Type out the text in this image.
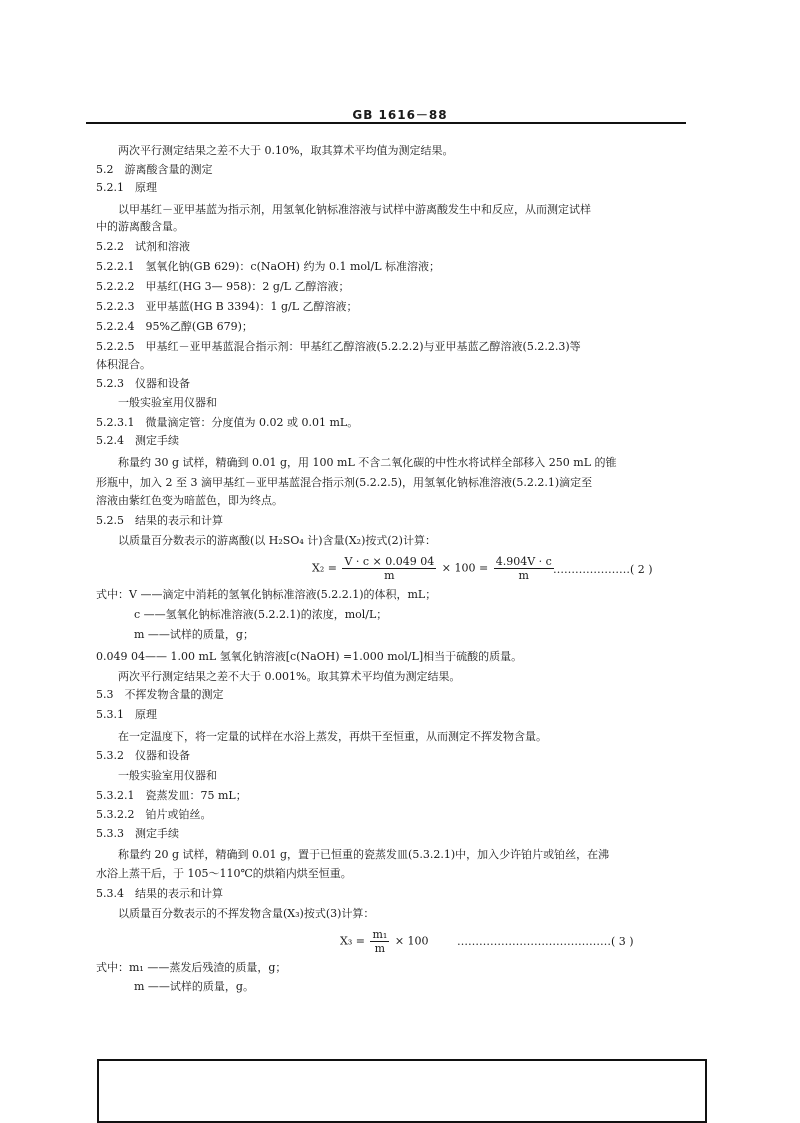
GB 1616－88
两次平行测定结果之差不大于 0.10%，取其算术平均值为测定结果。
5.2　游离酸含量的测定
5.2.1　原理
以甲基红－亚甲基蓝为指示剂，用氢氧化钠标准溶液与试样中游离酸发生中和反应，从而测定试样
中的游离酸含量。
5.2.2　试剂和溶液
5.2.2.1　氢氧化钠(GB 629)：c(NaOH) 约为 0.1 mol/L 标准溶液；
5.2.2.2　甲基红(HG 3— 958)：2 g/L 乙醇溶液；
5.2.2.3　亚甲基蓝(HG B 3394)：1 g/L 乙醇溶液；
5.2.2.4　95%乙醇(GB 679)；
5.2.2.5　甲基红－亚甲基蓝混合指示剂：甲基红乙醇溶液(5.2.2.2)与亚甲基蓝乙醇溶液(5.2.2.3)等
体积混合。
5.2.3　仪器和设备
一般实验室用仪器和
5.2.3.1　微量滴定管：分度值为 0.02 或 0.01 mL。
5.2.4　测定手续
称量约 30 g 试样，精确到 0.01 g，用 100 mL 不含二氧化碳的中性水将试样全部移入 250 mL 的锥
形瓶中，加入 2 至 3 滴甲基红－亚甲基蓝混合指示剂(5.2.2.5)，用氢氧化钠标准溶液(5.2.2.1)滴定至
溶液由紫红色变为暗蓝色，即为终点。
5.2.5　结果的表示和计算
以质量百分数表示的游离酸(以 H₂SO₄ 计)含量(X₂)按式(2)计算：
$X_2 = \frac{V \cdot c \times 0.049 04}{m} \times 100 = \frac{4.904V \cdot c}{m}$ …………………( 2 )
式中：V ——滴定中消耗的氢氧化钠标准溶液(5.2.2.1)的体积，mL；
c ——氢氧化钠标准溶液(5.2.2.1)的浓度，mol/L；
m ——试样的质量，g；
0.049 04—— 1.00 mL 氢氧化钠溶液[c(NaOH) =1.000 mol/L]相当于硫酸的质量。
两次平行测定结果之差不大于 0.001%。取其算术平均值为测定结果。
5.3　不挥发物含量的测定
5.3.1　原理
在一定温度下，将一定量的试样在水浴上蒸发，再烘干至恒重，从而测定不挥发物含量。
5.3.2　仪器和设备
一般实验室用仪器和
5.3.2.1　瓷蒸发皿：75 mL；
5.3.2.2　铂片或铂丝。
5.3.3　测定手续
称量约 20 g 试样，精确到 0.01 g，置于已恒重的瓷蒸发皿(5.3.2.1)中，加入少许铂片或铂丝，在沸
水浴上蒸干后，于 105～110℃的烘箱内烘至恒重。
5.3.4　结果的表示和计算
以质量百分数表示的不挥发物含量(X₃)按式(3)计算：
$X_3 = \frac{\text{m₁}}{m} \times 100$	……………………………………( 3 )
式中：m₁ ——蒸发后残渣的质量，g；
m ——试样的质量，g。
